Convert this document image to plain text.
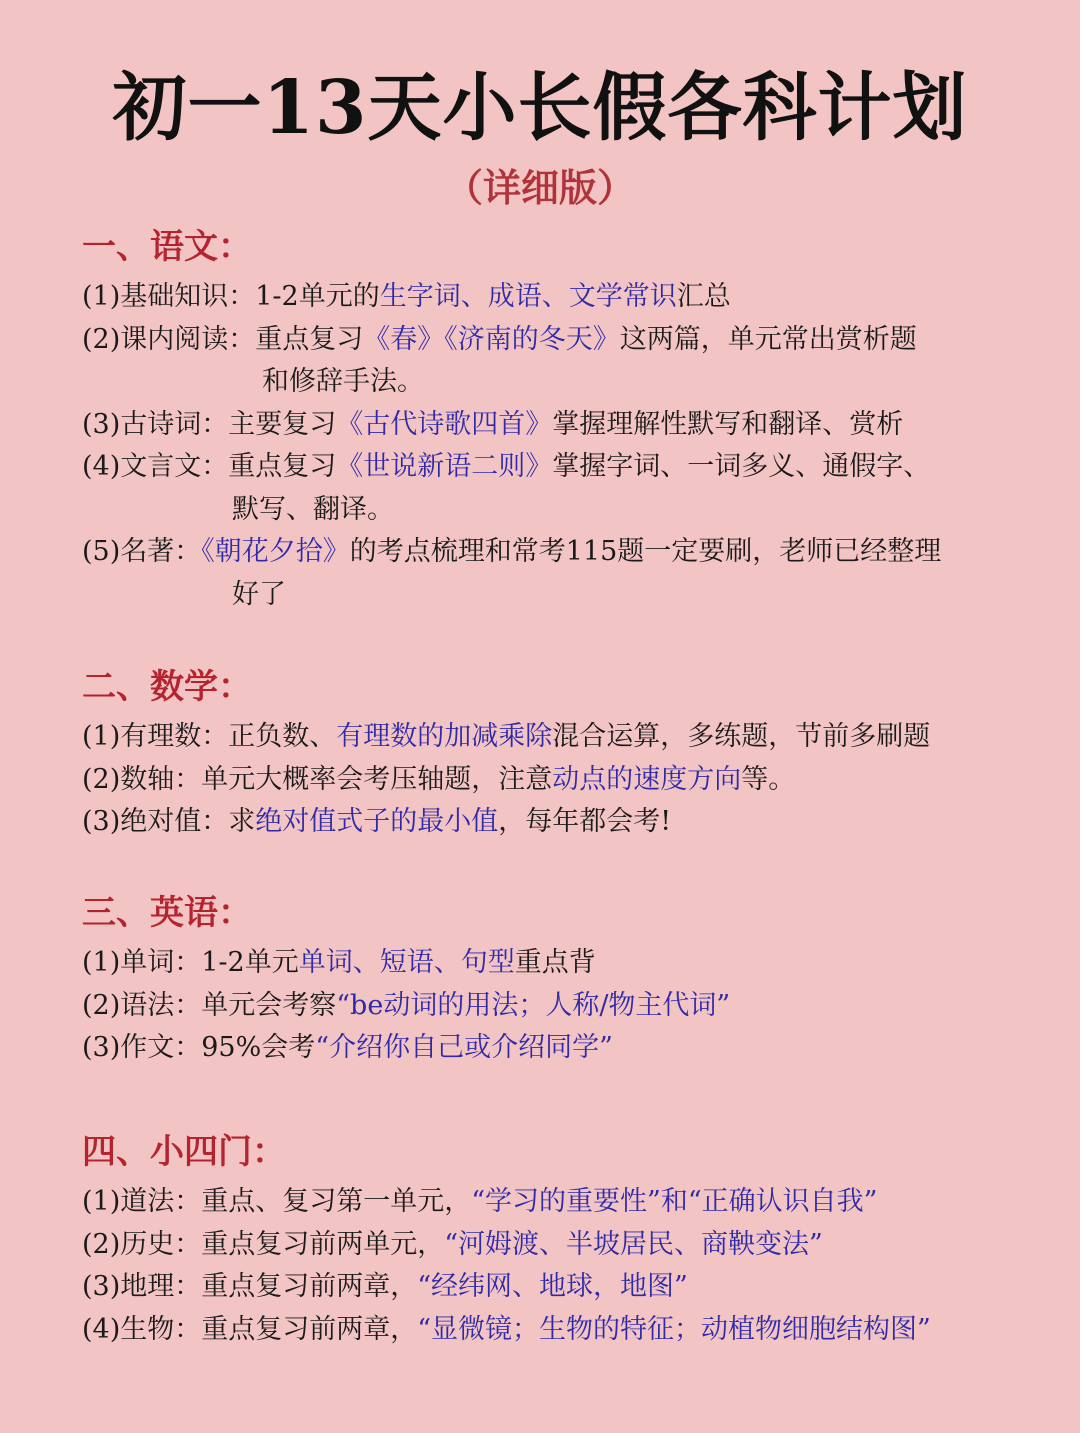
初一13天小长假各科计划
（详细版）
一、语文：
(1)基础知识：1-2单元的生字词、成语、文学常识汇总
(2)课内阅读：重点复习《春》《济南的冬天》这两篇，单元常出赏析题
和修辞手法。
(3)古诗词：主要复习《古代诗歌四首》掌握理解性默写和翻译、赏析
(4)文言文：重点复习《世说新语二则》掌握字词、一词多义、通假字、
默写、翻译。
(5)名著：《朝花夕拾》的考点梳理和常考115题一定要刷，老师已经整理
好了
二、数学：
(1)有理数：正负数、有理数的加减乘除混合运算，多练题，节前多刷题
(2)数轴：单元大概率会考压轴题，注意动点的速度方向等。
(3)绝对值：求绝对值式子的最小值，每年都会考!
三、英语：
(1)单词：1-2单元单词、短语、句型重点背
(2)语法：单元会考察“be动词的用法；人称/物主代词”
(3)作文：95%会考“介绍你自己或介绍同学”
四、小四门：
(1)道法：重点、复习第一单元，“学习的重要性”和“正确认识自我”
(2)历史：重点复习前两单元，“河姆渡、半坡居民、商鞅变法”
(3)地理：重点复习前两章，“经纬网、地球，地图”
(4)生物：重点复习前两章，“显微镜；生物的特征；动植物细胞结构图”
